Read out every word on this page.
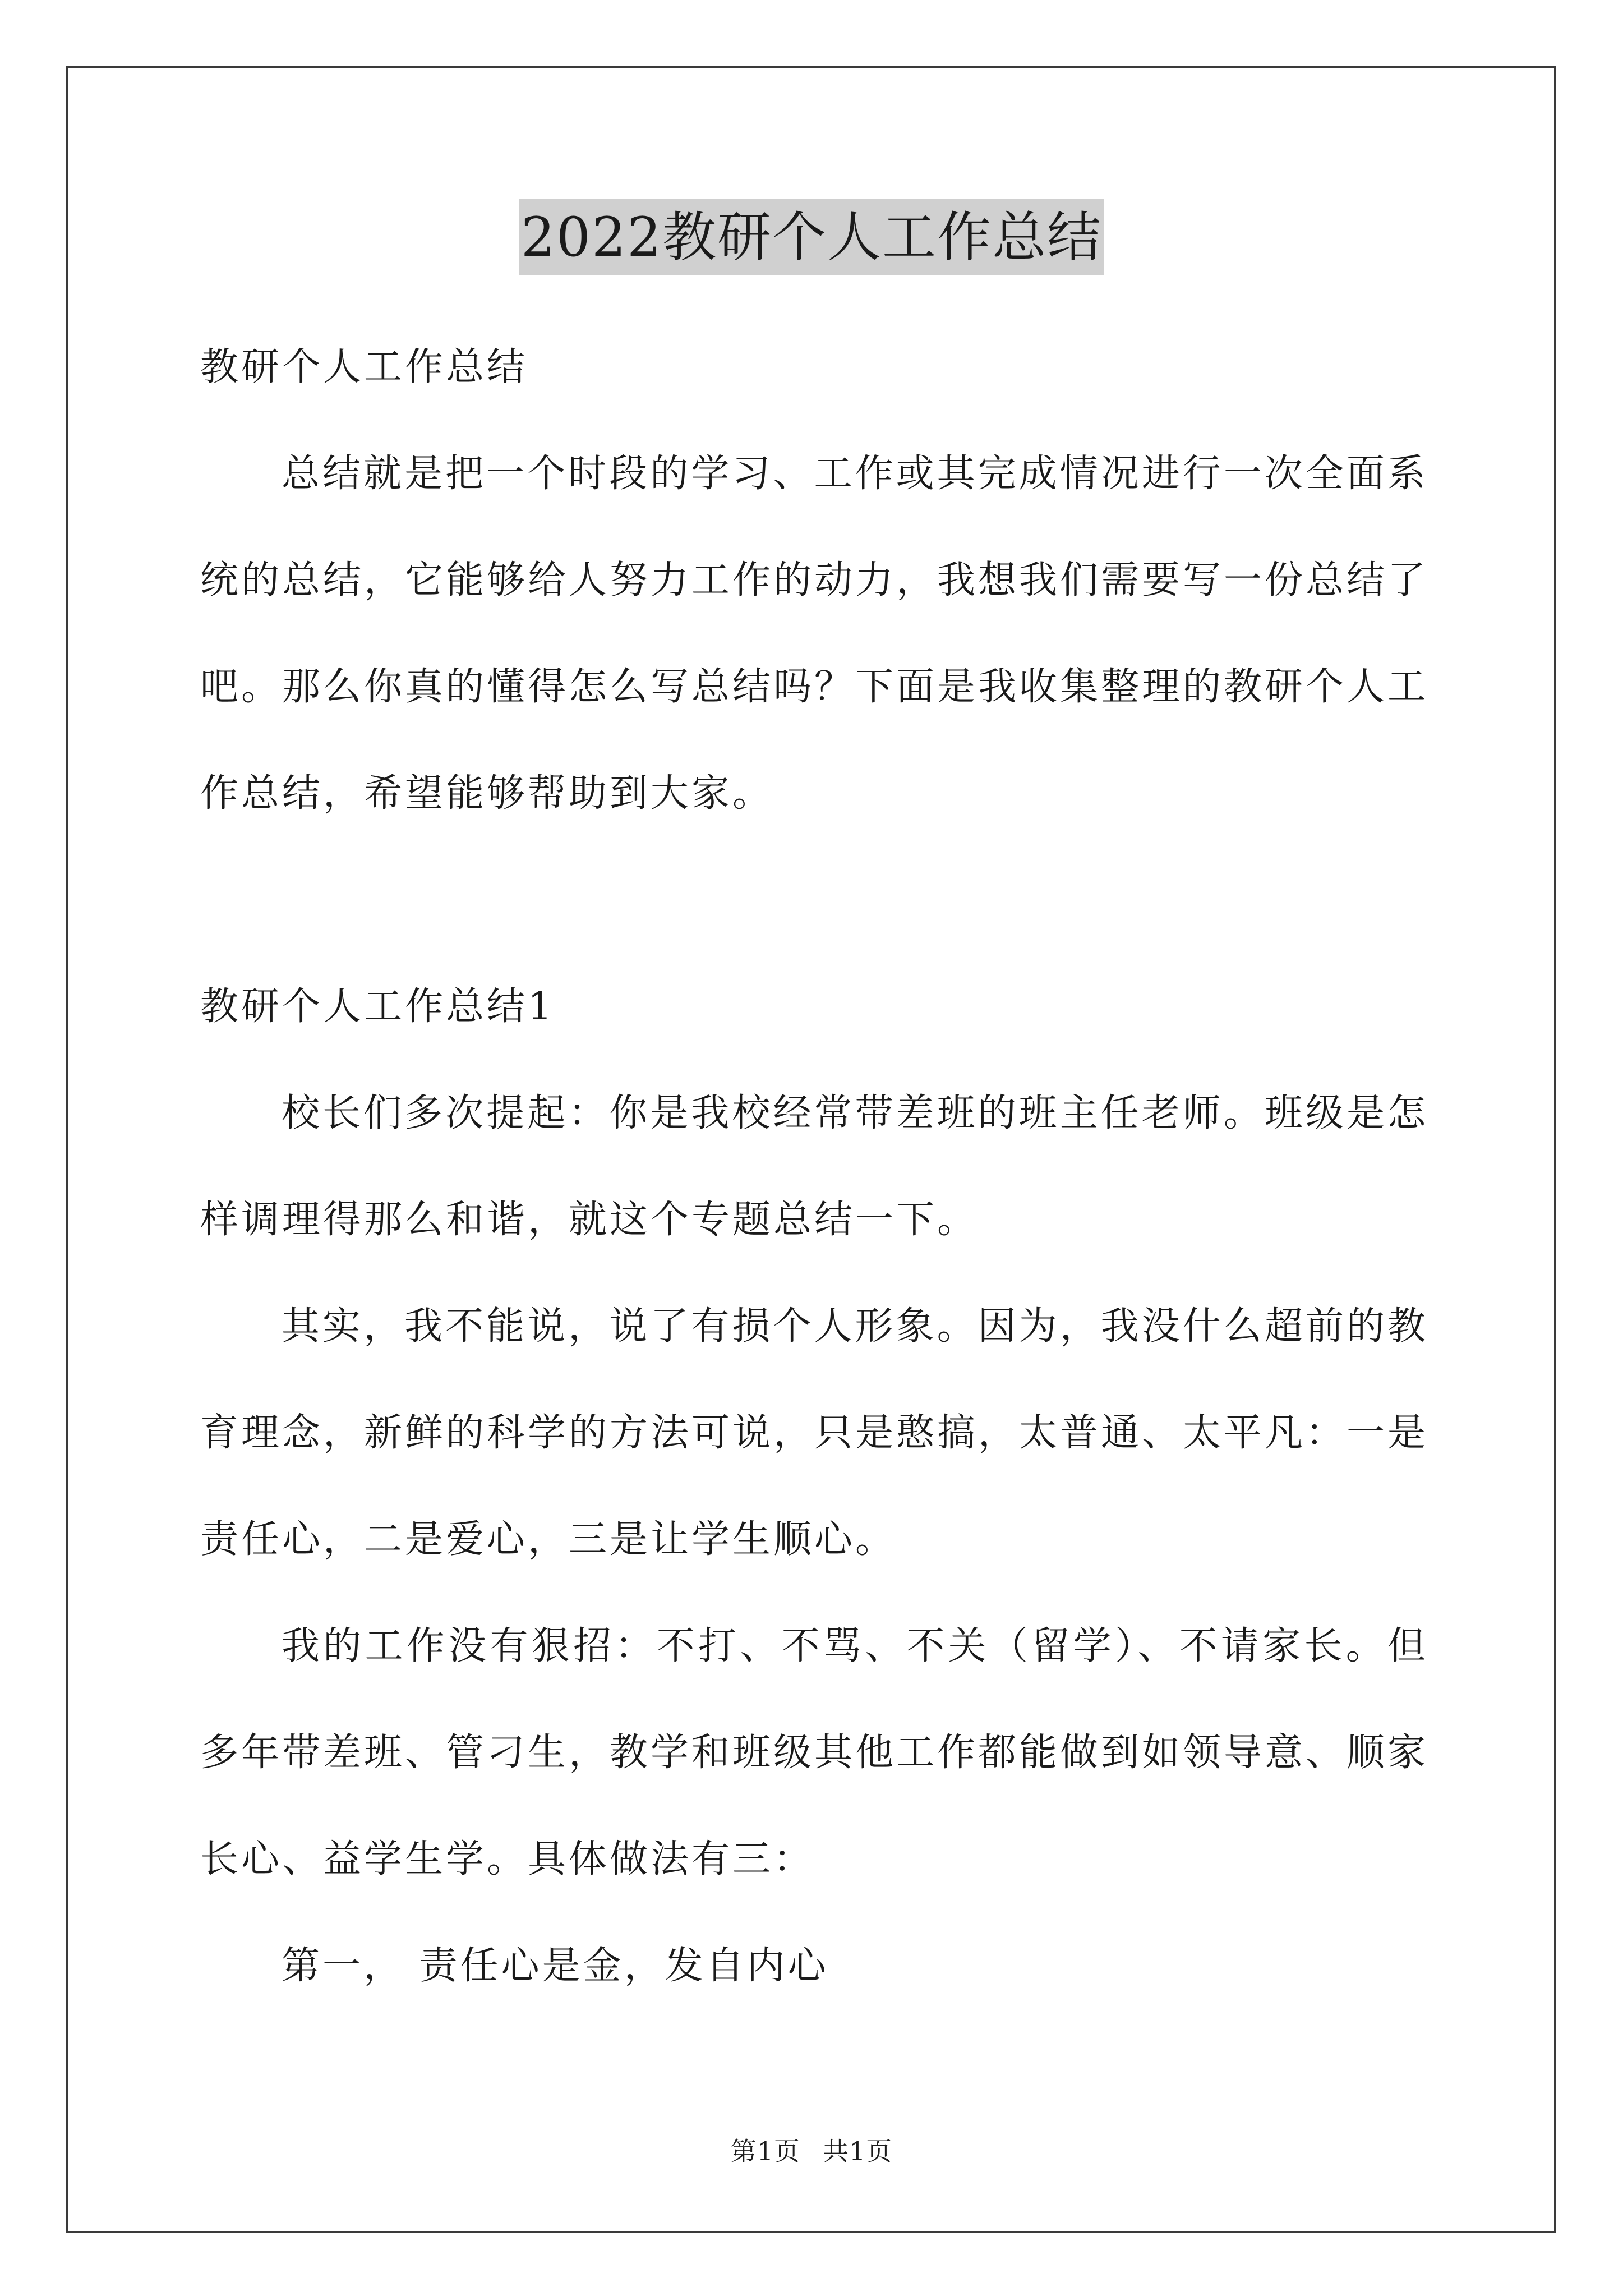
2022教研个人工作总结

教研个人工作总结

总结就是把一个时段的学习、工作或其完成情况进行一次全面系统的总结，它能够给人努力工作的动力，我想我们需要写一份总结了吧。那么你真的懂得怎么写总结吗？下面是我收集整理的教研个人工作总结，希望能够帮助到大家。

教研个人工作总结1

校长们多次提起：你是我校经常带差班的班主任老师。班级是怎样调理得那么和谐，就这个专题总结一下。

其实，我不能说，说了有损个人形象。因为，我没什么超前的教育理念，新鲜的科学的方法可说，只是憨搞，太普通、太平凡：一是责任心，二是爱心，三是让学生顺心。

我的工作没有狠招：不打、不骂、不关（留学）、不请家长。但多年带差班、管刁生，教学和班级其他工作都能做到如领导意、顺家长心、益学生学。具体做法有三：

第一， 责任心是金，发自内心

第1页 共1页
